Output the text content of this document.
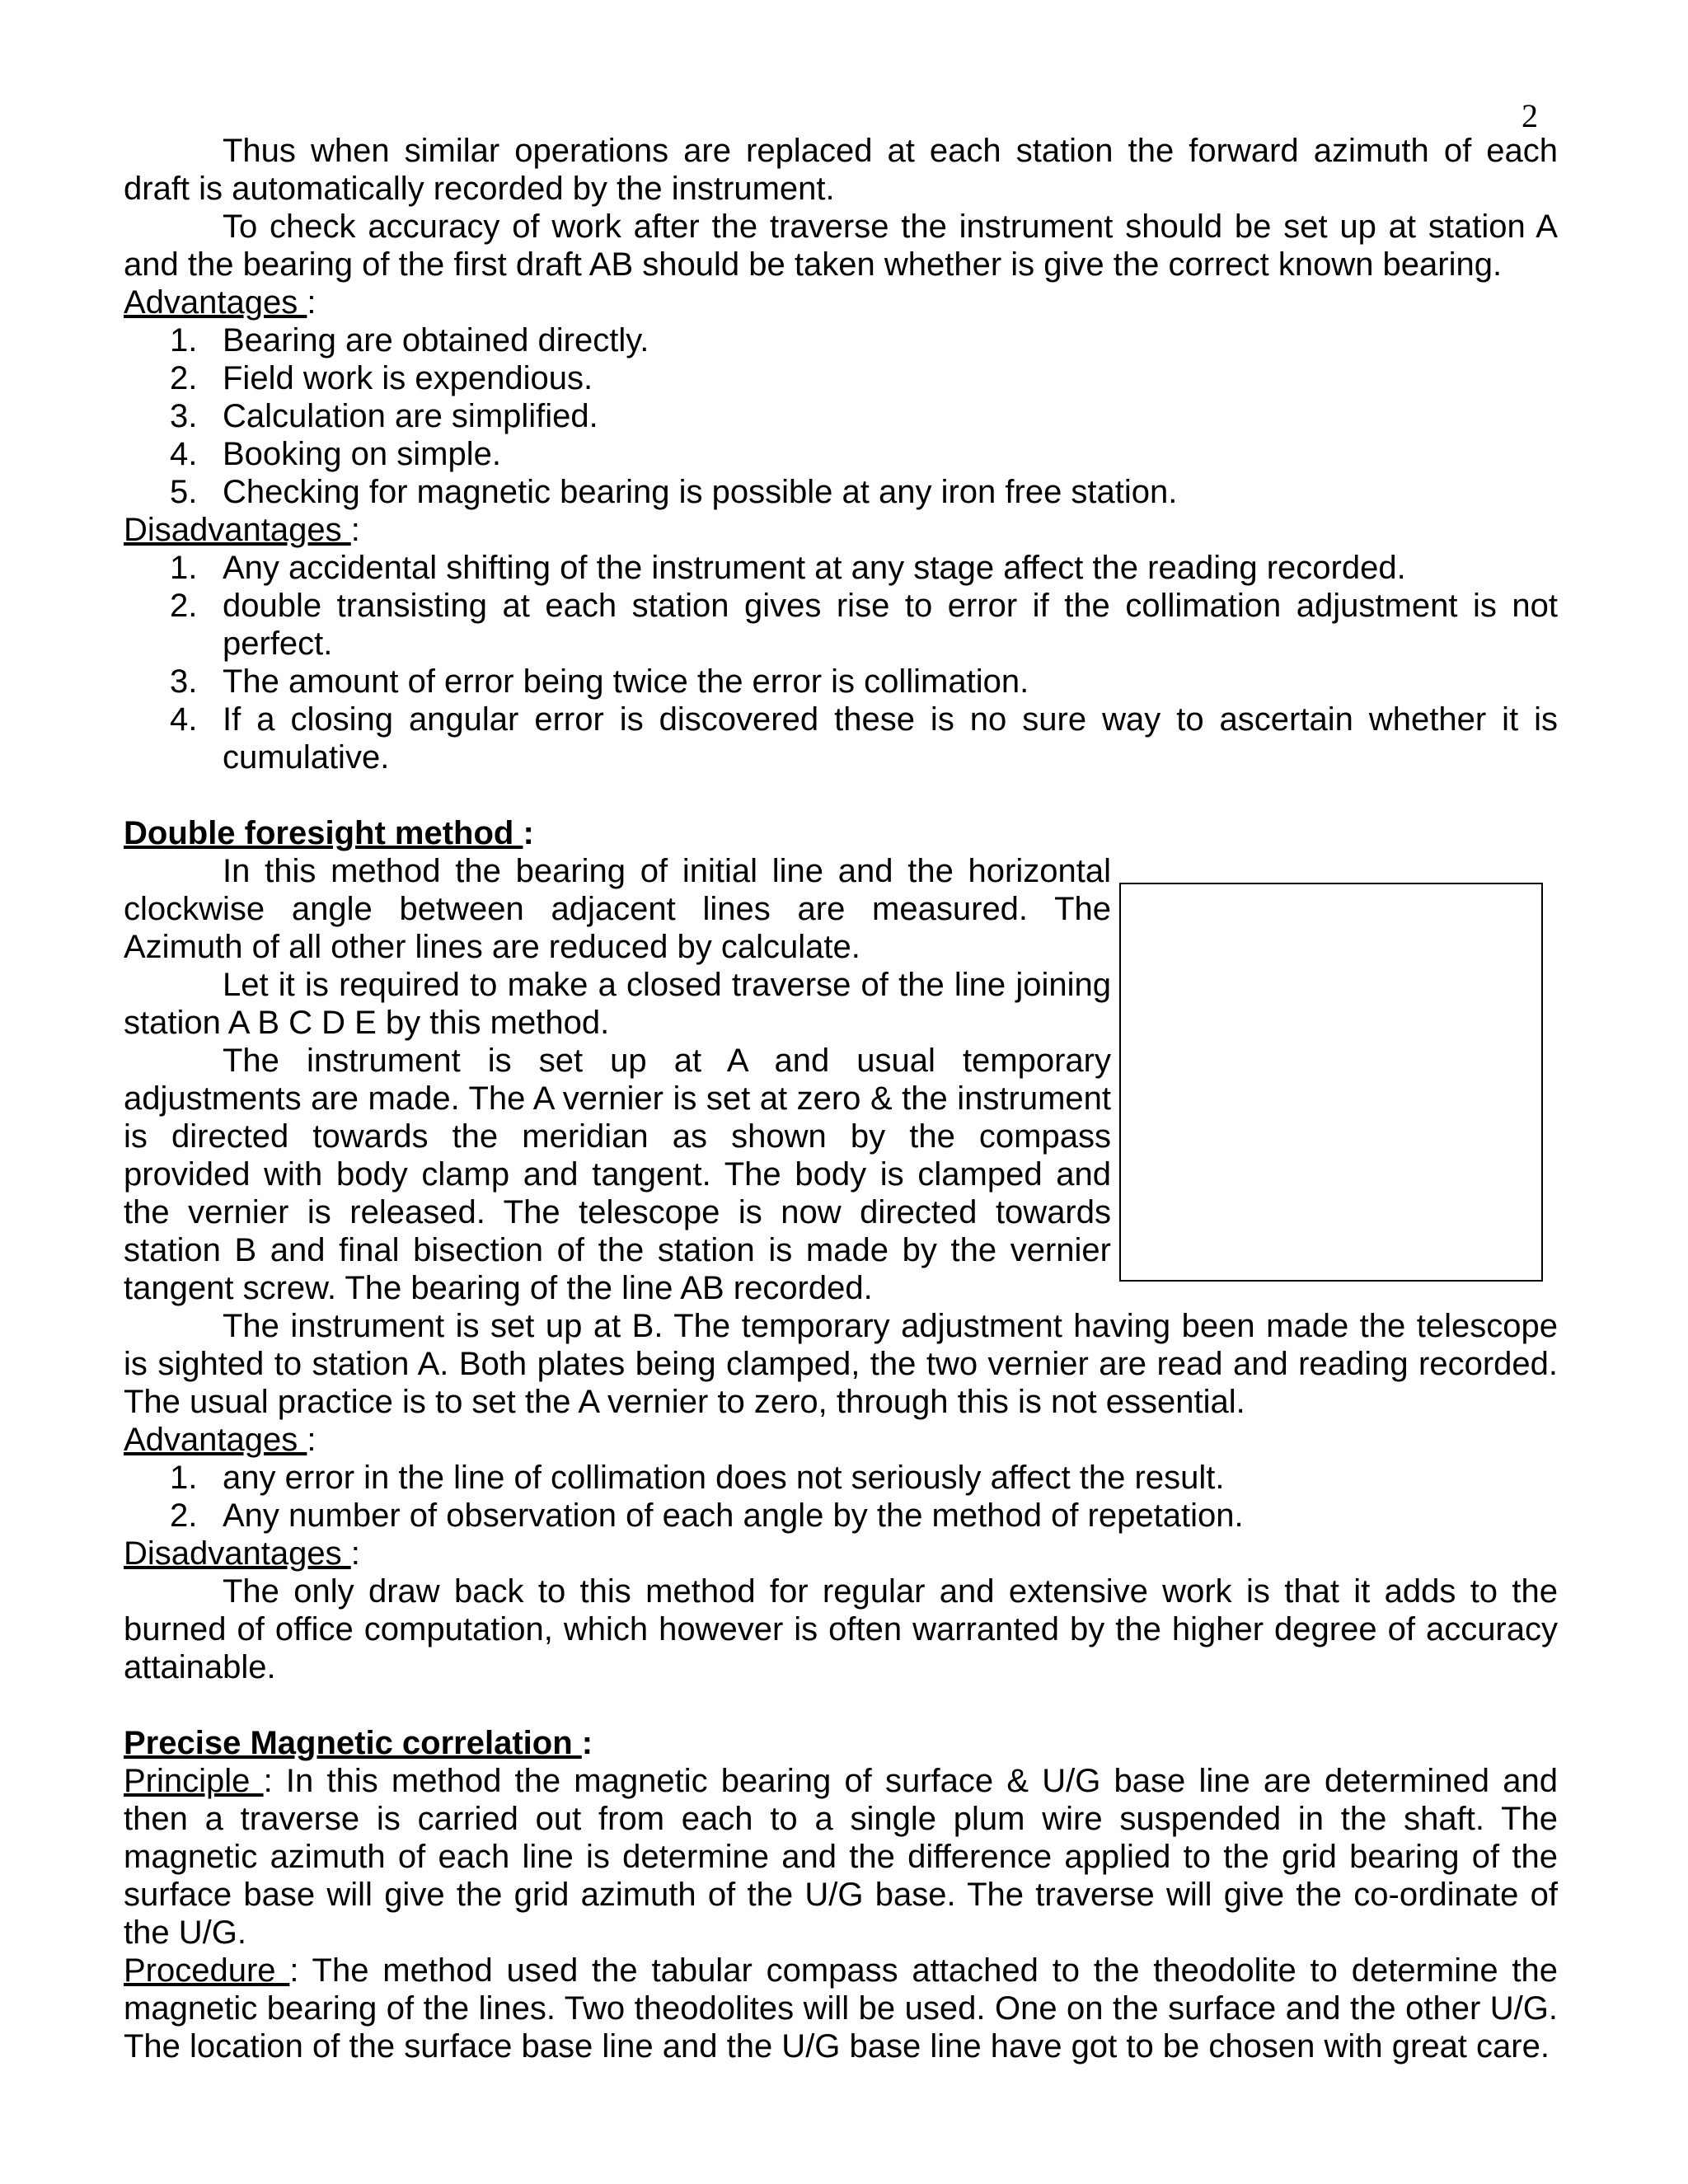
2

Thus when similar operations are replaced at each station the forward azimuth of each draft is automatically recorded by the instrument.

To check accuracy of work after the traverse the instrument should be set up at station A and the bearing of the first draft AB should be taken whether is give the correct known bearing.

Advantages :

1. Bearing are obtained directly.
2. Field work is expendious.
3. Calculation are simplified.
4. Booking on simple.
5. Checking for magnetic bearing is possible at any iron free station.

Disadvantages :

1. Any accidental shifting of the instrument at any stage affect the reading recorded.
2. double transisting at each station gives rise to error if the collimation adjustment is not perfect.
3. The amount of error being twice the error is collimation.
4. If a closing angular error is discovered these is no sure way to ascertain whether it is cumulative.

Double foresight method :

In this method the bearing of initial line and the horizontal clockwise angle between adjacent lines are measured. The Azimuth of all other lines are reduced by calculate.

Let it is required to make a closed traverse of the line joining station A B C D E by this method.

The instrument is set up at A and usual temporary adjustments are made. The A vernier is set at zero & the instrument is directed towards the meridian as shown by the compass provided with body clamp and tangent. The body is clamped and the vernier is released. The telescope is now directed towards station B and final bisection of the station is made by the vernier tangent screw. The bearing of the line AB recorded.

The instrument is set up at B. The temporary adjustment having been made the telescope is sighted to station A. Both plates being clamped, the two vernier are read and reading recorded. The usual practice is to set the A vernier to zero, through this is not essential.

Advantages :

1. any error in the line of collimation does not seriously affect the result.
2. Any number of observation of each angle by the method of repetation.

Disadvantages :

The only draw back to this method for regular and extensive work is that it adds to the burned of office computation, which however is often warranted by the higher degree of accuracy attainable.

Precise Magnetic correlation :

Principle : In this method the magnetic bearing of surface & U/G base line are determined and then a traverse is carried out from each to a single plum wire suspended in the shaft. The magnetic azimuth of each line is determine and the difference applied to the grid bearing of the surface base will give the grid azimuth of the U/G base. The traverse will give the co-ordinate of the U/G.

Procedure : The method used the tabular compass attached to the theodolite to determine the magnetic bearing of the lines. Two theodolites will be used. One on the surface and the other U/G. The location of the surface base line and the U/G base line have got to be chosen with great care.
